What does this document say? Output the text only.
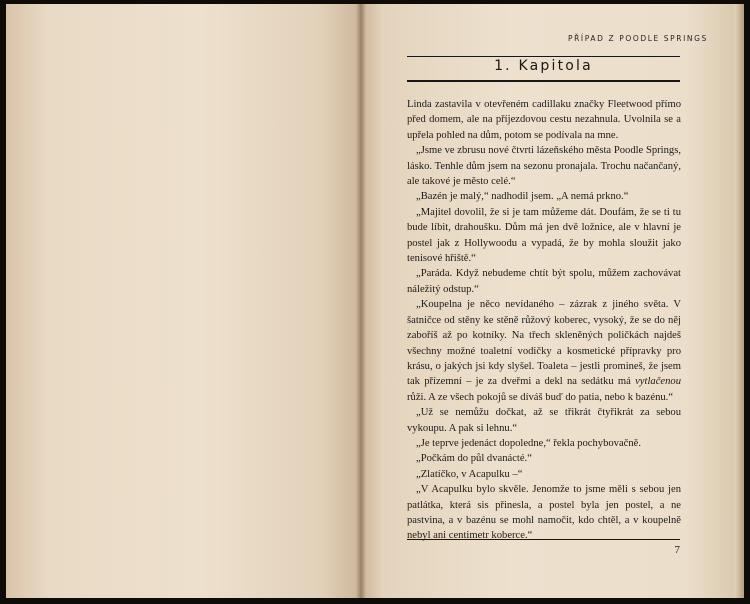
PŘÍPAD Z POODLE SPRINGS
1. Kapitola

Linda zastavila v otevřeném cadillaku značky Fleetwood přímo před domem, ale na příjezdovou cestu nezahnula. Uvolnila se a upřela pohled na dům, potom se podívala na mne.

„Jsme ve zbrusu nové čtvrti lázeňského města Poodle Springs, lásko. Tenhle dům jsem na sezonu pronajala. Trochu načančaný, ale takové je město celé.“

„Bazén je malý,“ nadhodil jsem. „A nemá prkno.“

„Majitel dovolil, že si je tam můžeme dát. Doufám, že se ti tu bude líbit, drahoušku. Dům má jen dvě ložnice, ale v hlavní je postel jak z Hollywoodu a vypadá, že by mohla sloužit jako tenisové hřiště.“

„Paráda. Když nebudeme chtít být spolu, můžem zachovávat náležitý odstup.“

„Koupelna je něco nevídaného – zázrak z jiného světa. V šatničce od stěny ke stěně růžový koberec, vysoký, že se do něj zaboříš až po kotníky. Na třech skleněných poličkách najdeš všechny možné toaletní vodičky a kosmetické přípravky pro krásu, o jakých jsi kdy slyšel. Toaleta – jestli promineš, že jsem tak přízemní – je za dveřmi a dekl na sedátku má vytlačenou růži. A ze všech pokojů se díváš buď do patia, nebo k bazénu.“

„Už se nemůžu dočkat, až se třikrát čtyřikrát za sebou vykoupu. A pak si lehnu.“

„Je teprve jedenáct dopoledne,“ řekla pochybovačně.

„Počkám do půl dvanácté.“

„Zlatíčko, v Acapulku –“

„V Acapulku bylo skvěle. Jenomže to jsme měli s sebou jen patlátka, která sis přinesla, a postel byla jen postel, a ne pastvina, a v bazénu se mohl namočit, kdo chtěl, a v koupelně nebyl ani centimetr koberce.“

7
